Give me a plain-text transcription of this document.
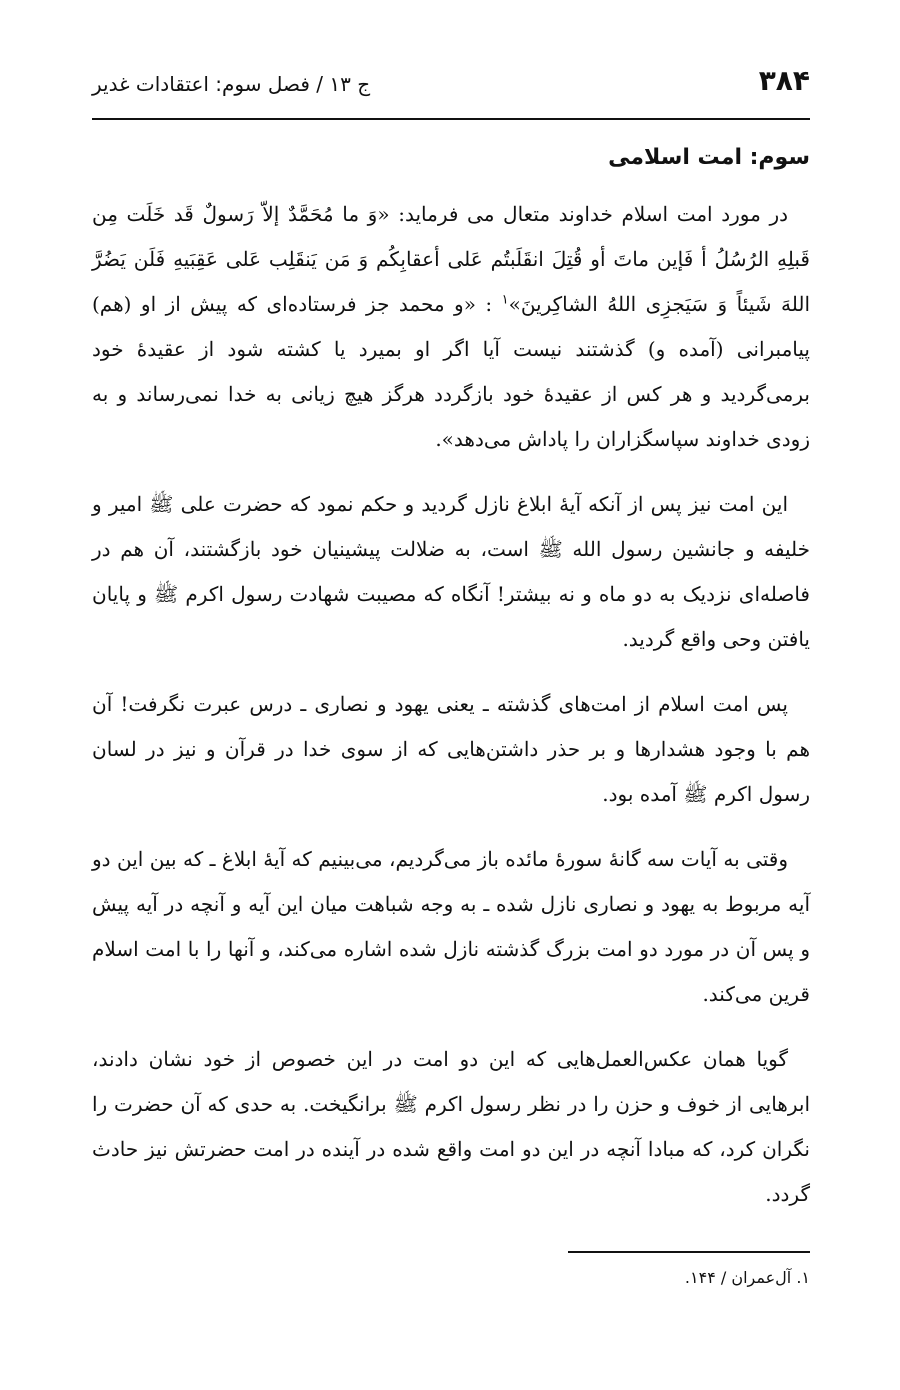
۳۸۴
ج ۱۳ / فصل سوم: اعتقادات غدیر
سوم: امت اسلامی

در مورد امت اسلام خداوند متعال می فرماید: «وَ ما مُحَمَّدٌ إلاّ رَسولٌ قَد خَلَت مِن قَبلِهِ الرُسُلُ أ فَإين ماتَ أو قُتِلَ انقَلَبتُم عَلی أعقابِكُم وَ مَن يَنقَلِب عَلی عَقِبَيهِ فَلَن يَضُرَّ اللهَ شَيئاً وَ سَيَجزِی اللهُ الشاكِرينَ»$^۱$ : «و محمد جز فرستاده‌ای که پیش از او (هم) پیامبرانی (آمده و) گذشتند نیست آیا اگر او بمیرد یا کشته شود از عقیدهٔ خود برمی‌گردید و هر کس از عقیدهٔ خود بازگردد هرگز هیچ زیانی به خدا نمی‌رساند و به زودی خداوند سپاسگزاران را پاداش می‌دهد».

این امت نیز پس از آنکه آیهٔ ابلاغ نازل گردید و حکم نمود که حضرت علی ﷺ امیر و خلیفه و جانشین رسول الله ﷺ است، به ضلالت پیشینیان خود بازگشتند، آن هم در فاصله‌ای نزدیک به دو ماه و نه بیشتر! آنگاه که مصیبت شهادت رسول اکرم ﷺ و پایان یافتن وحی واقع گردید.

پس امت اسلام از امت‌های گذشته ـ یعنی یهود و نصاری ـ درس عبرت نگرفت! آن هم با وجود هشدارها و بر حذر داشتن‌هایی که از سوی خدا در قرآن و نیز در لسان رسول اکرم ﷺ آمده بود.

وقتی به آیات سه گانهٔ سورهٔ مائده باز می‌گردیم، می‌بینیم که آیهٔ ابلاغ ـ که بین این دو آیه مربوط به یهود و نصاری نازل شده ـ به وجه شباهت میان این آیه و آنچه در آیه پیش و پس آن در مورد دو امت بزرگ گذشته نازل شده اشاره می‌کند، و آنها را با امت اسلام قرین می‌کند.

گویا همان عکس‌العمل‌هایی که این دو امت در این خصوص از خود نشان دادند، ابرهایی از خوف و حزن را در نظر رسول اکرم ﷺ برانگیخت. به حدی که آن حضرت را نگران کرد، که مبادا آنچه در این دو امت واقع شده در آینده در امت حضرتش نیز حادث گردد.

۱. آل‌عمران / ۱۴۴.
